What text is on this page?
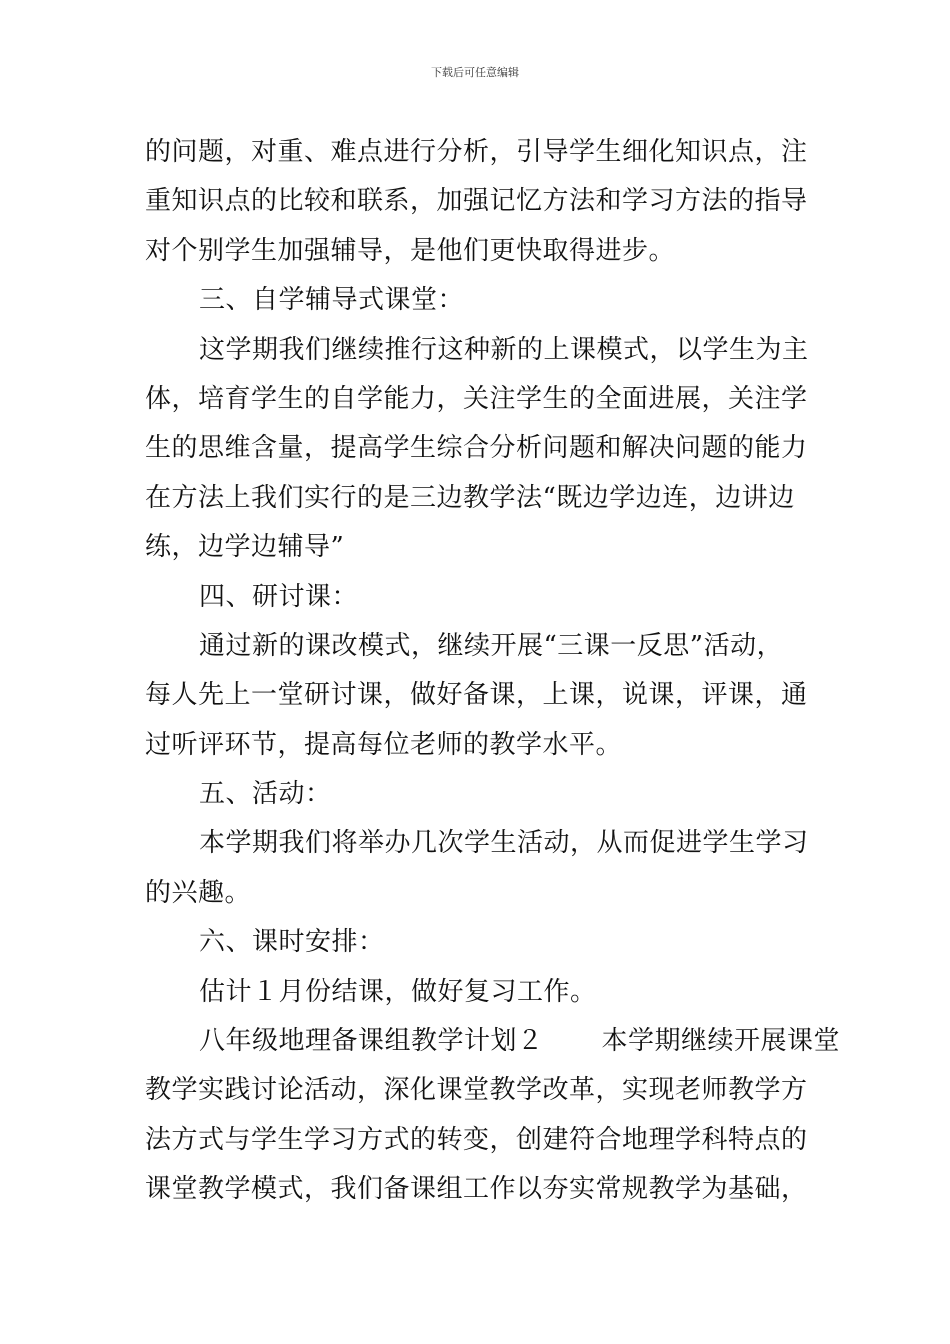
下载后可任意编辑
的问题，对重、难点进行分析，引导学生细化知识点，注
重知识点的比较和联系，加强记忆方法和学习方法的指导
对个别学生加强辅导，是他们更快取得进步。
三、自学辅导式课堂：
这学期我们继续推行这种新的上课模式，以学生为主
体，培育学生的自学能力，关注学生的全面进展，关注学
生的思维含量，提高学生综合分析问题和解决问题的能力
在方法上我们实行的是三边教学法“既边学边连，边讲边
练，边学边辅导”
四、研讨课：
通过新的课改模式，继续开展“三课一反思”活动，
每人先上一堂研讨课，做好备课，上课，说课，评课，通
过听评环节，提高每位老师的教学水平。
五、活动：
本学期我们将举办几次学生活动，从而促进学生学习
的兴趣。
六、课时安排：
估计１月份结课，做好复习工作。
八年级地理备课组教学计划２ 本学期继续开展课堂
教学实践讨论活动，深化课堂教学改革，实现老师教学方
法方式与学生学习方式的转变，创建符合地理学科特点的
课堂教学模式，我们备课组工作以夯实常规教学为基础，
